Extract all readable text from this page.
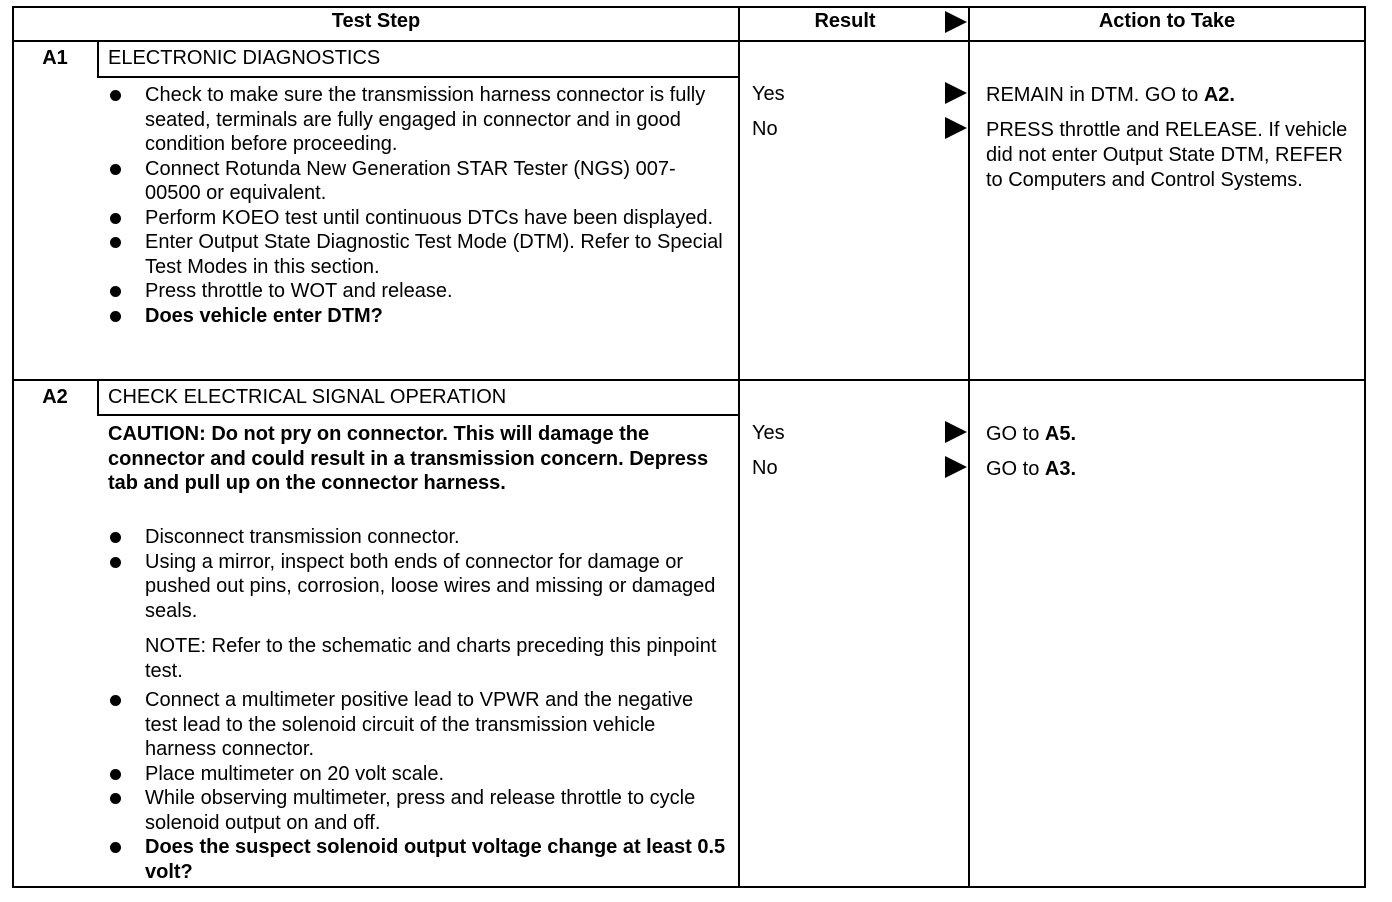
Test Step	Result	Action to Take
A1	ELECTRONIC DIAGNOSTICS
Check to make sure the transmission harness connector is fully seated, terminals are fully engaged in connector and in good condition before proceeding.
Connect Rotunda New Generation STAR Tester (NGS) 007-00500 or equivalent.
Perform KOEO test until continuous DTCs have been displayed.
Enter Output State Diagnostic Test Mode (DTM). Refer to Special Test Modes in this section.
Press throttle to WOT and release.
Does vehicle enter DTM?
Yes	REMAIN in DTM. GO to A2.
No	PRESS throttle and RELEASE. If vehicle did not enter Output State DTM, REFER to Computers and Control Systems.
A2	CHECK ELECTRICAL SIGNAL OPERATION
CAUTION: Do not pry on connector. This will damage the connector and could result in a transmission concern. Depress tab and pull up on the connector harness.
Disconnect transmission connector.
Using a mirror, inspect both ends of connector for damage or pushed out pins, corrosion, loose wires and missing or damaged seals.
NOTE: Refer to the schematic and charts preceding this pinpoint test.
Connect a multimeter positive lead to VPWR and the negative test lead to the solenoid circuit of the transmission vehicle harness connector.
Place multimeter on 20 volt scale.
While observing multimeter, press and release throttle to cycle solenoid output on and off.
Does the suspect solenoid output voltage change at least 0.5 volt?
Yes	GO to A5.
No	GO to A3.
